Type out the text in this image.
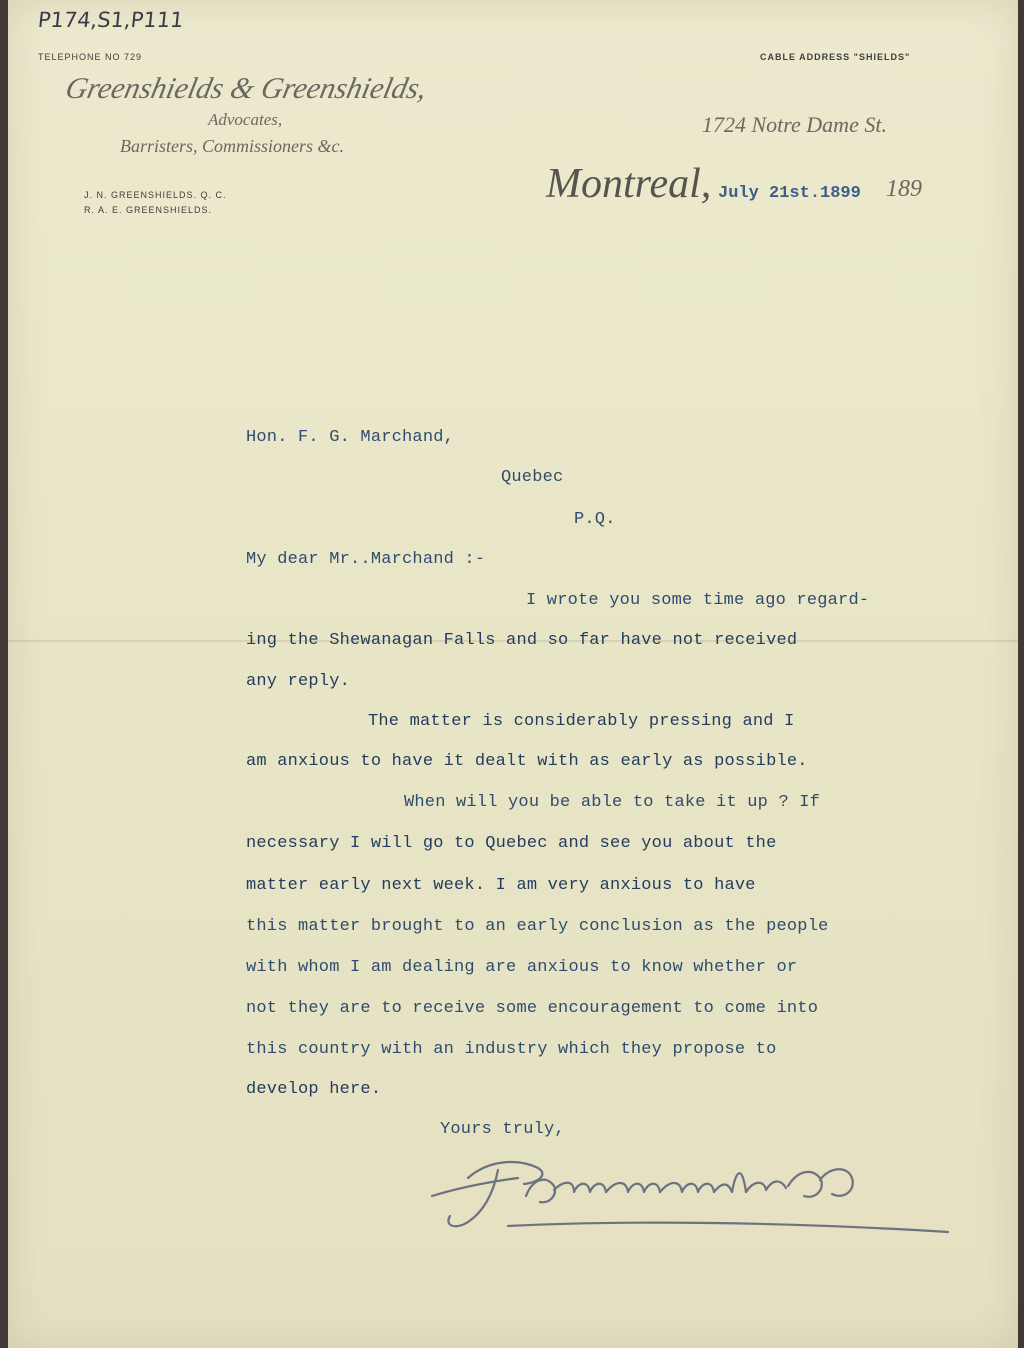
P174,S1,P111
TELEPHONE NO 729	CABLE ADDRESS "SHIELDS"
Greenshields & Greenshields,
Advocates,
Barristers, Commissioners &c.
J. N. GREENSHIELDS. Q. C.
R. A. E. GREENSHIELDS.
1724 Notre Dame St.
Montreal, July 21st.1899 189
Hon. F. G. Marchand,
Quebec
P.Q.
My dear Mr..Marchand :-
I wrote you some time ago regard-
ing the Shewanagan Falls and so far have not received
any reply.
The matter is considerably pressing and I
am anxious to have it dealt with as early as possible.
When will you be able to take it up ? If
necessary I will go to Quebec and see you about the
matter early next week. I am very anxious to have
this matter brought to an early conclusion as the people
with whom I am dealing are anxious to know whether or
not they are to receive some encouragement to come into
this country with an industry which they propose to
develop here.
Yours truly,
